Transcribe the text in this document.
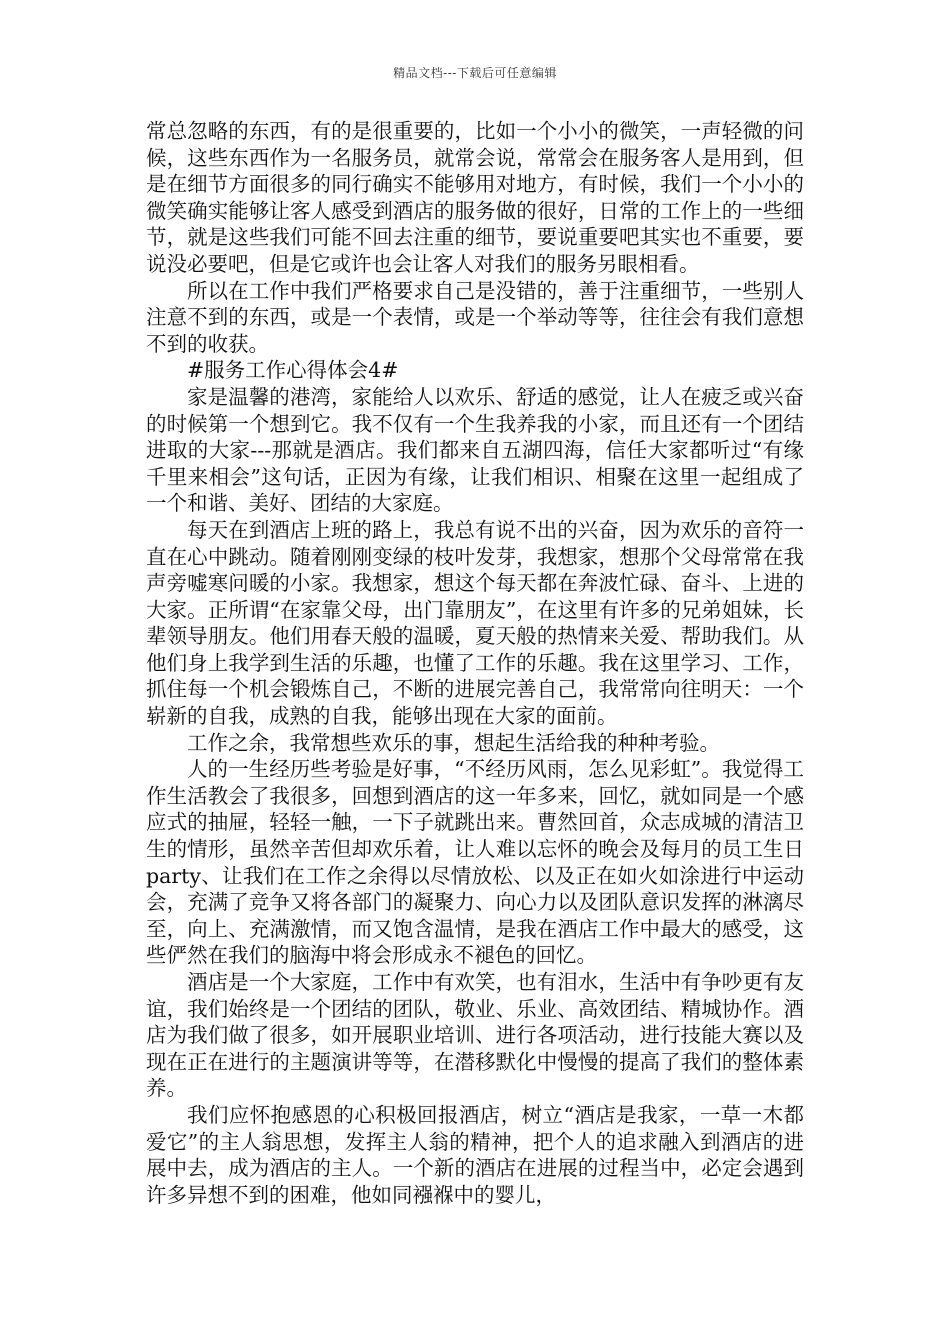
精品文档---下载后可任意编辑

常总忽略的东西，有的是很重要的，比如一个小小的微笑，一声轻微的问候，这些东西作为一名服务员，就常会说，常常会在服务客人是用到，但是在细节方面很多的同行确实不能够用对地方，有时候，我们一个小小的微笑确实能够让客人感受到酒店的服务做的很好，日常的工作上的一些细节，就是这些我们可能不回去注重的细节，要说重要吧其实也不重要，要说没必要吧，但是它或许也会让客人对我们的服务另眼相看。

所以在工作中我们严格要求自己是没错的，善于注重细节，一些别人注意不到的东西，或是一个表情，或是一个举动等等，往往会有我们意想不到的收获。

#服务工作心得体会4#

家是温馨的港湾，家能给人以欢乐、舒适的感觉，让人在疲乏或兴奋的时候第一个想到它。我不仅有一个生我养我的小家，而且还有一个团结进取的大家---那就是酒店。我们都来自五湖四海，信任大家都听过“有缘千里来相会”这句话，正因为有缘，让我们相识、相聚在这里一起组成了一个和谐、美好、团结的大家庭。

每天在到酒店上班的路上，我总有说不出的兴奋，因为欢乐的音符一直在心中跳动。随着刚刚变绿的枝叶发芽，我想家，想那个父母常常在我声旁嘘寒问暖的小家。我想家，想这个每天都在奔波忙碌、奋斗、上进的大家。正所谓“在家靠父母，出门靠朋友”，在这里有许多的兄弟姐妹，长辈领导朋友。他们用春天般的温暖，夏天般的热情来关爱、帮助我们。从他们身上我学到生活的乐趣，也懂了工作的乐趣。我在这里学习、工作，抓住每一个机会锻炼自己，不断的进展完善自己，我常常向往明天：一个崭新的自我，成熟的自我，能够出现在大家的面前。

工作之余，我常想些欢乐的事，想起生活给我的种种考验。

人的一生经历些考验是好事，“不经历风雨，怎么见彩虹”。我觉得工作生活教会了我很多，回想到酒店的这一年多来，回忆，就如同是一个感应式的抽屉，轻轻一触，一下子就跳出来。曹然回首，众志成城的清洁卫生的情形，虽然辛苦但却欢乐着，让人难以忘怀的晚会及每月的员工生日party、让我们在工作之余得以尽情放松、以及正在如火如涂进行中运动会，充满了竞争又将各部门的凝聚力、向心力以及团队意识发挥的淋漓尽至，向上、充满激情，而又饱含温情，是我在酒店工作中最大的感受，这些俨然在我们的脑海中将会形成永不褪色的回忆。

酒店是一个大家庭，工作中有欢笑，也有泪水，生活中有争吵更有友谊，我们始终是一个团结的团队，敬业、乐业、高效团结、精城协作。酒店为我们做了很多，如开展职业培训、进行各项活动，进行技能大赛以及现在正在进行的主题演讲等等，在潜移默化中慢慢的提高了我们的整体素养。

我们应怀抱感恩的心积极回报酒店，树立“酒店是我家，一草一木都爱它”的主人翁思想，发挥主人翁的精神，把个人的追求融入到酒店的进展中去，成为酒店的主人。一个新的酒店在进展的过程当中，必定会遇到许多异想不到的困难，他如同襁褓中的婴儿，
